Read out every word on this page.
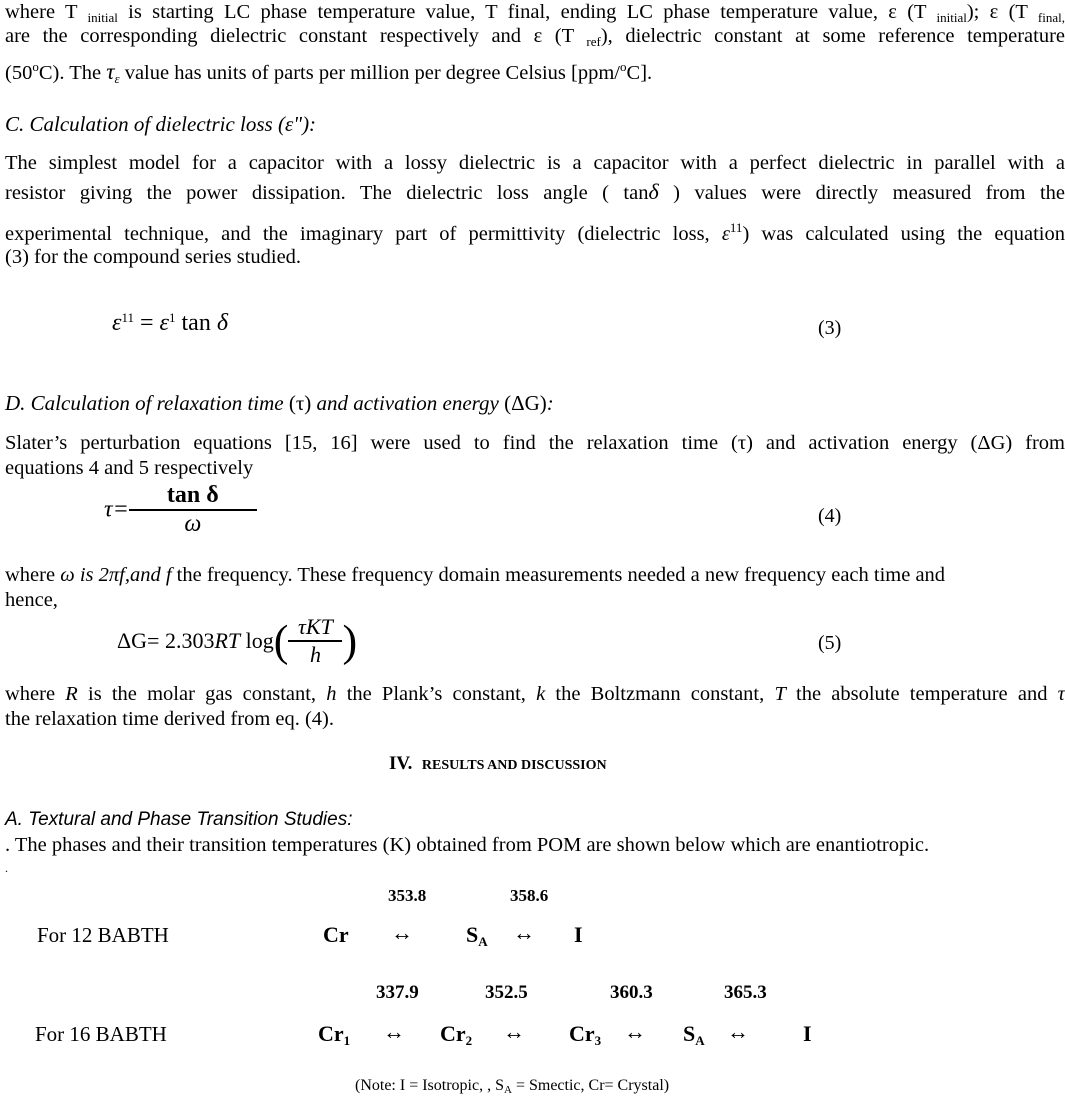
where T $_{initial}$ is starting LC phase temperature value, T final, ending LC phase temperature value, ε (T $_{initial}$); ε (T $_{final,}$
are the corresponding dielectric constant respectively and ε (T $_{ref}$), dielectric constant at some reference temperature
(50$^o$C). The $\tau_\varepsilon$ value has units of parts per million per degree Celsius [ppm/$^o$C].
C. Calculation of dielectric loss (ε"):
The simplest model for a capacitor with a lossy dielectric is a capacitor with a perfect dielectric in parallel with a
resistor giving the power dissipation. The dielectric loss angle ( tanδ ) values were directly measured from the
experimental technique, and the imaginary part of permittivity (dielectric loss, $\varepsilon^{11}$) was calculated using the equation
(3) for the compound series studied.
$\varepsilon^{11} = \varepsilon^1$ tan δ	(3)
D. Calculation of relaxation time (τ) and activation energy (ΔG):
Slater’s perturbation equations [15, 16] were used to find the relaxation time (τ) and activation energy (ΔG) from
equations 4 and 5 respectively
$\tau= \frac{\text{tan δ}}{\omega}$	(4)
where ω is 2πf,and f the frequency. These frequency domain measurements needed a new frequency each time and
hence,
ΔG= 2.303RT $\log( \frac{\text{τKT}}{h}$ )	(5)
where R is the molar gas constant, h the Plank’s constant, k the Boltzmann constant, T the absolute temperature and τ
the relaxation time derived from eq. (4).
IV. RESULTS AND DISCUSSION
A. Textural and Phase Transition Studies:
. The phases and their transition temperatures (K) obtained from POM are shown below which are enantiotropic.
.
For 12 BABTH
353.8	358.6
Cr ↔ $S_A$ ↔ I
For 16 BABTH
337.9	352.5	360.3	365.3
$Cr_1$ ↔ $Cr_2$ ↔ $Cr_3$ ↔ $S_A$ ↔ I
(Note: I = Isotropic, , SA = Smectic, Cr= Crystal)
